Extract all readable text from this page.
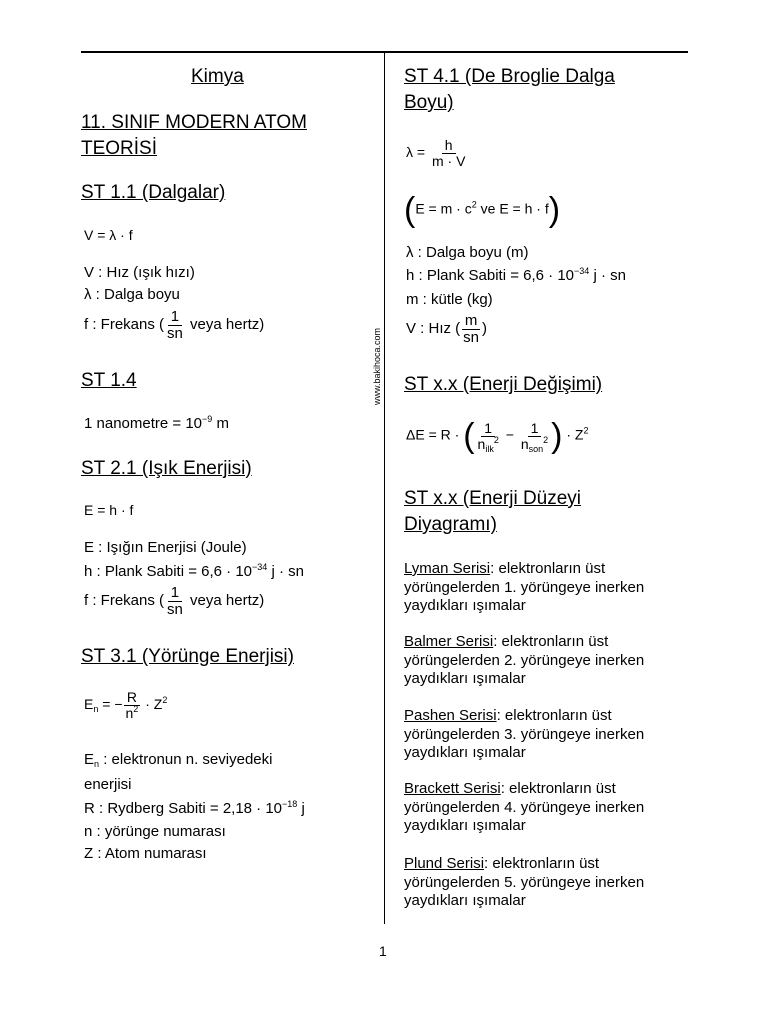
Kimya
11. SINIF MODERN ATOM
TEORİSİ
ST 1.1 (Dalgalar)
V = λ · f
V : Hız (ışık hızı)
λ : Dalga boyu
f : Frekans ( $\frac{1}{sn}$ veya hertz)
ST 1.4
1 nanometre = $10^{-9}$ m
ST 2.1 (Işık Enerjisi)
E = h · f
E : Işığın Enerjisi (Joule)
h : Plank Sabiti = $6,6 \cdot 10^{-34}$ j · sn
f : Frekans ( $\frac{1}{sn}$ veya hertz)
ST 3.1 (Yörünge Enerjisi)
$E_n$ = − $\frac{R}{n^2} \cdot Z^2$
$E_n$ : elektronun n. seviyedeki
enerjisi
R : Rydberg Sabiti = $2,18 \cdot 10^{-18}$ j
n : yörünge numarası
Z : Atom numarası
www.bakihoca.com
ST 4.1 (De Broglie Dalga
Boyu)
$\lambda = \frac{h}{m \cdot V}$
($E = m \cdot c^2$ ve E = h · f)
λ : Dalga boyu (m)
h : Plank Sabiti = $6,6 \cdot 10^{-34}$ j · sn
m : kütle (kg)
V : Hız ( $\frac{m}{sn}$ )
ST x.x (Enerji Değişimi)
ΔE = R · ( $\frac{1}{n_{ilk}^2} - \frac{1}{n_{son}^2}$ ) · $Z^2$
ST x.x (Enerji Düzeyi
Diyagramı)
Lyman Serisi: elektronların üst
yörüngelerden 1. yörüngeye inerken
yaydıkları ışımalar
Balmer Serisi: elektronların üst
yörüngelerden 2. yörüngeye inerken
yaydıkları ışımalar
Pashen Serisi: elektronların üst
yörüngelerden 3. yörüngeye inerken
yaydıkları ışımalar
Brackett Serisi: elektronların üst
yörüngelerden 4. yörüngeye inerken
yaydıkları ışımalar
Plund Serisi: elektronların üst
yörüngelerden 5. yörüngeye inerken
yaydıkları ışımalar
1
